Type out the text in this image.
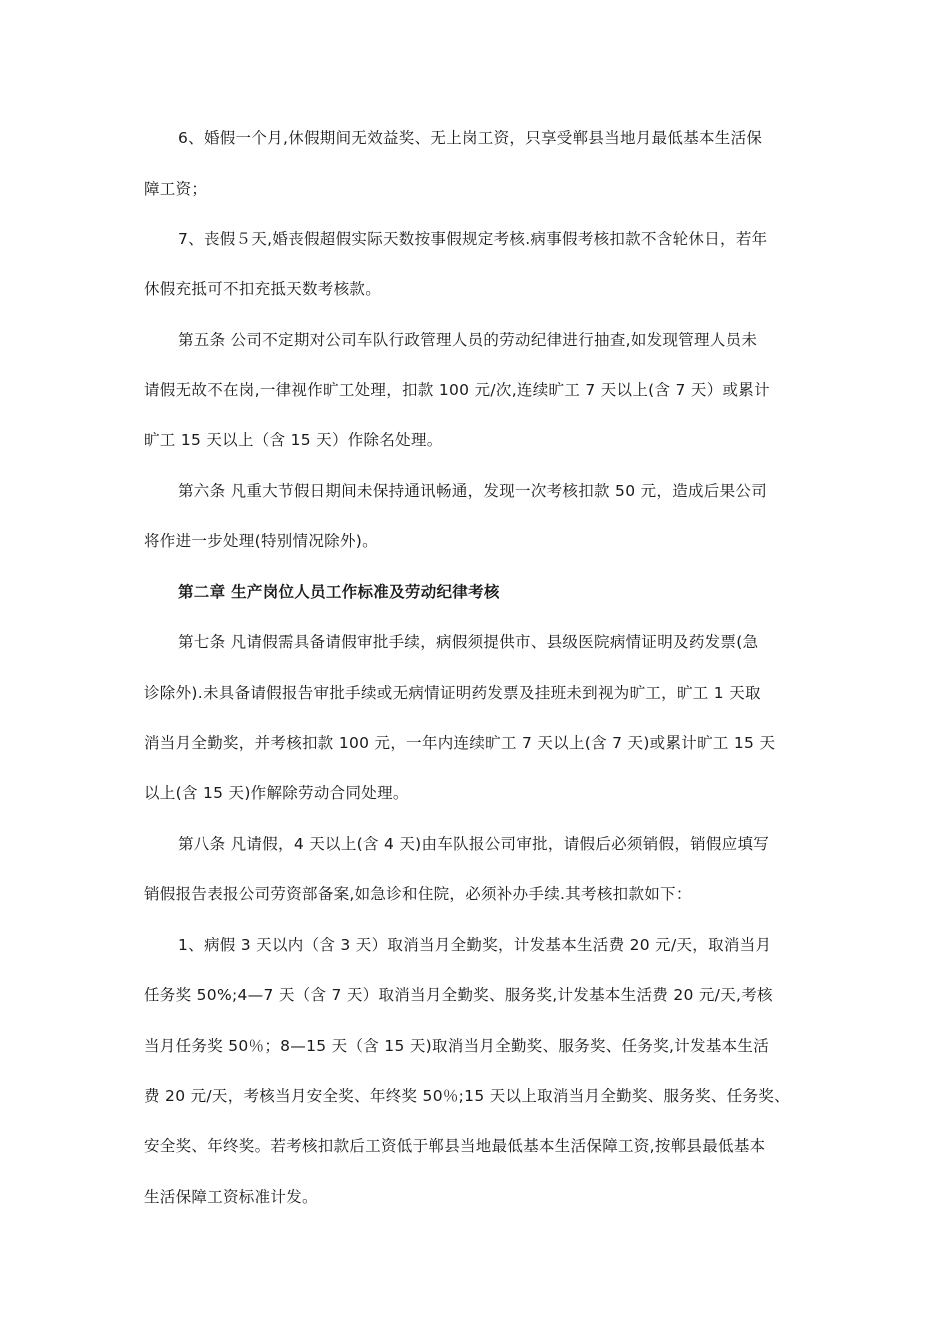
6、婚假一个月,休假期间无效益奖、无上岗工资，只享受郸县当地月最低基本生活保
障工资；
7、丧假５天,婚丧假超假实际天数按事假规定考核.病事假考核扣款不含轮休日，若年
休假充抵可不扣充抵天数考核款。
第五条 公司不定期对公司车队行政管理人员的劳动纪律进行抽查,如发现管理人员未
请假无故不在岗,一律视作旷工处理，扣款 100 元/次,连续旷工 7 天以上(含 7 天）或累计
旷工 15 天以上（含 15 天）作除名处理。
第六条 凡重大节假日期间未保持通讯畅通，发现一次考核扣款 50 元，造成后果公司
将作进一步处理(特别情况除外)。
第二章 生产岗位人员工作标准及劳动纪律考核
第七条 凡请假需具备请假审批手续，病假须提供市、县级医院病情证明及药发票(急
诊除外).未具备请假报告审批手续或无病情证明药发票及挂班未到视为旷工，旷工 1 天取
消当月全勤奖，并考核扣款 100 元，一年内连续旷工 7 天以上(含 7 天)或累计旷工 15 天
以上(含 15 天)作解除劳动合同处理。
第八条 凡请假，4 天以上(含 4 天)由车队报公司审批，请假后必须销假，销假应填写
销假报告表报公司劳资部备案,如急诊和住院，必须补办手续.其考核扣款如下：
1、病假 3 天以内（含 3 天）取消当月全勤奖，计发基本生活费 20 元/天，取消当月
任务奖 50%;4—7 天（含 7 天）取消当月全勤奖、服务奖,计发基本生活费 20 元/天,考核
当月任务奖 50％；8—15 天（含 15 天)取消当月全勤奖、服务奖、任务奖,计发基本生活
费 20 元/天，考核当月安全奖、年终奖 50％;15 天以上取消当月全勤奖、服务奖、任务奖、
安全奖、年终奖。若考核扣款后工资低于郸县当地最低基本生活保障工资,按郸县最低基本
生活保障工资标准计发。
